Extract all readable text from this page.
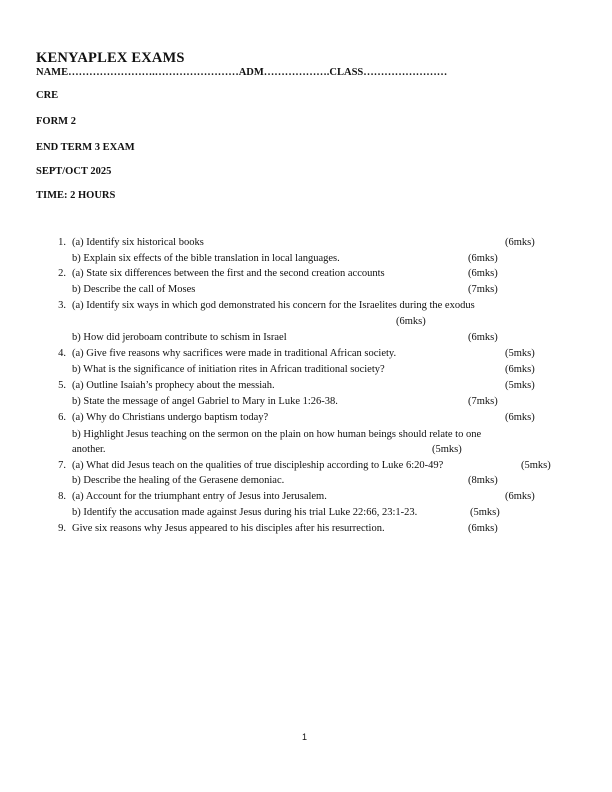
KENYAPLEX EXAMS
NAME…………………….……………………ADM……………….CLASS……………………
CRE
FORM 2
END TERM 3 EXAM
SEPT/OCT 2025
TIME: 2 HOURS
1. (a) Identify six historical books	(6mks)
b) Explain six effects of the bible translation in local languages.	(6mks)
2. (a) State six differences between the first and the second creation accounts	(6mks)
b) Describe the call of Moses	(7mks)
3. (a) Identify six ways in which god demonstrated his concern for the Israelites during the exodus
(6mks)
b) How did jeroboam contribute to schism in Israel	(6mks)
4. (a) Give five reasons why sacrifices were made in traditional African society.	(5mks)
b) What is the significance of initiation rites in African traditional society?	(6mks)
5. (a) Outline Isaiah’s prophecy about the messiah.	(5mks)
b) State the message of angel Gabriel to Mary in Luke 1:26-38.	(7mks)
6. (a) Why do Christians undergo baptism today?	(6mks)
b) Highlight Jesus teaching on the sermon on the plain on how human beings should relate to one
another.	(5mks)
7. (a) What did Jesus teach on the qualities of true discipleship according to Luke 6:20-49?	(5mks)
b) Describe the healing of the Gerasene demoniac.	(8mks)
8. (a) Account for the triumphant entry of Jesus into Jerusalem.	(6mks)
b) Identify the accusation made against Jesus during his trial Luke 22:66, 23:1-23.	(5mks)
9. Give six reasons why Jesus appeared to his disciples after his resurrection.	(6mks)
1
